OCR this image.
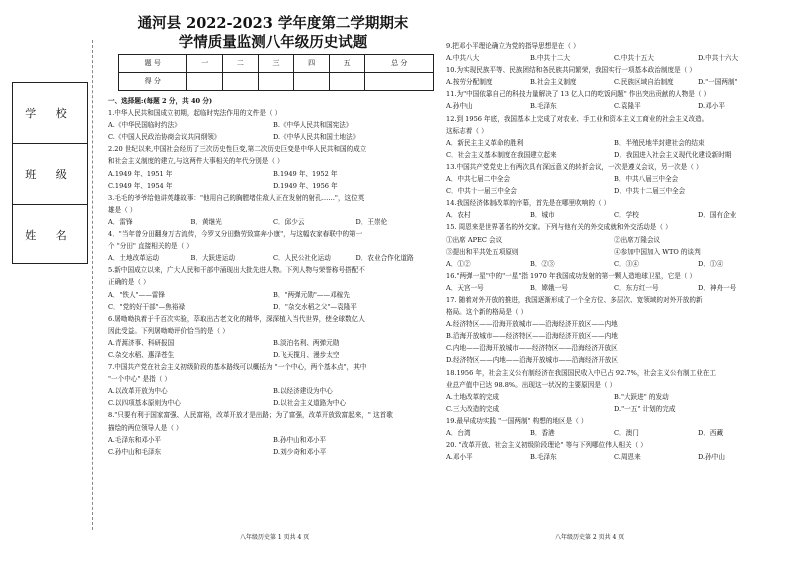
学 校
班 级
姓 名

通河县 2022-2023 学年度第二学期期末

学情质量监测八年级历史试题

题 号	一	二	三	四	五	总 分
得 分						

一、选择题:(每题 2 分，共 40 分)

1.中华人民共和国成立初期，起临时宪法作用的文件是（ ）

A.《中华民国临时约法》	B.《中华人民共和国宪法》

C.《中国人民政治协商会议共同纲领》	D.《中华人民共和国土地法》

2.20 世纪以来,中国社会经历了三次历史性巨变,第二次历史巨变是中华人民共和国的成立

和社会主义制度的建立,与这两件大事相关的年代分别是（ ）

A.1949 年、1951 年	B.1949 年、1952 年

C.1949 年、1954 年	D.1949 年、1956 年

3.毛毛的爷爷给他讲英雄故事："他用自己的胸膛堵住敌人正在发射的射孔……"，这位英

雄是（ ）

A．雷锋	B．黄继光	C．邱少云	D．王崇伦

4．"当年曾分田翻身万古流传，今罗又分田勤劳致富奔小康"，与这幅农家春联中的第一

个 "分田" 直接相关的是（ ）

A．土地改革运动	B．大跃进运动	C．人民公社化运动	D．农业合作化道路

5.新中国成立以来，广大人民和干部中涌现出大批先进人物。下列人物与荣誉称号搭配不

正确的是（ ）

A．"铁人"——雷锋	B．"两弹元勋"——邓稼先

C．"党的好干部"—焦裕禄	D．"杂交水稻之父"—袁隆平

6.屠呦呦执着于千百次实验，萃取出古老文化的精华，深深植入当代世界，使全球数亿人

因此受益。下列屠呦呦评价恰当的是（ ）

A.青蒿济事、科研报国	B.淡泊名利、两弹元勋

C.杂交水稻、惠泽苍生	D.飞天揽月、漫步太空

7.中国共产党在社会主义初级阶段的基本路线可以概括为 "一个中心，两个基本点"，其中

"一个中心" 是指（ ）

A.以改革开放为中心	B.以经济建设为中心

C.以四项基本原则为中心	D.以社会主义道路为中心

8."只要有利于国家富强、人民富裕，改革开放才是出路；为了富强，改革开放致富起来，" 这首歌

描绘的两位领导人是（ ）

A.毛泽东和邓小平	B.孙中山和邓小平

C.孙中山和毛泽东	D.刘少奇和邓小平

9.把邓小平理论确立为党的指导思想是在（ ）

A.中共八大	B.中共十二大	C.中共十五大	D.中共十六大

10.为实现民族平等、民族团结和各民族共同繁荣，我国实行一项基本政治制度是（ ）

A.按劳分配制度	B.社会主义制度	C.民族区域自治制度	D."一国两制"

11.为"中国依靠自己的科技力量解决了 13 亿人口的吃饭问题" 作出突出贡献的人物是（ ）

A.孙中山	B.毛泽东	C.袁隆平	D.邓小平

12.到 1956 年底，我国基本上完成了对农业、手工业和资本主义工商业的社会主义改造。

这标志着（ ）

A．新民主主义革命的胜利	B．半殖民地半封建社会的结束

C．社会主义基本制度在我国建立起来	D．我国进入社会主义现代化建设新时期

13.中国共产党党史上有两次具有深远意义的转折会议，一次是遵义会议，另一次是（ ）

A．中共七届二中全会	B．中共八届三中全会

C．中共十一届三中全会	D．中共十二届三中全会

14.我国经济体制改革的序幕，首先是在哪里吹响的（ ）

A．农村	B．城市	C．学校	D．国有企业

15. 周恩来是世界著名的外交家。下列与他有关的外交成就和外交活动是（ ）

①出席 APEC 会议	②出席万隆会议

③提出和平共处五项原则	④参加中国加入 WTO 的谈判

A．①②	B．②③	C．③④	D．①④

16."两弹一星"中的"一星"指 1970 年我国成功发射的第一颗人造地球卫星，它是（ ）

A．天宫一号	B．嫦娥一号	C．东方红一号	D．神舟一号

17. 随着对外开放的推进，我国逐渐形成了一个全方位、多层次、宽领域的对外开放的新

格局。这个新的格局是（ ）

A.经济特区——沿海开放城市——沿海经济开放区——内地

B.沿海开放城市——经济特区——沿海经济开放区——内地

C.内地——沿海开放城市——经济特区——沿海经济开放区

D.经济特区——内地——沿海开放城市——沿海经济开放区

18.1956 年，社会主义公有制经济在我国国民收入中已占 92.7%，社会主义公有制工业在工

业总产值中已达 98.8%。出现这一状况的主要原因是（ ）

A.土地改革的完成	B."大跃进" 的发动

C.三大改造的完成	D."一五" 计划的完成

19.最早成功实践 "一国两制" 构想的地区是（ ）

A．台湾	B．香港	C．澳门	D．西藏

20. "改革开放、社会主义初级阶段理论" 等与下列哪位伟人相关（ ）

A.邓小平	B.毛泽东	C.周恩来	D.孙中山

八年级历史第 1 页共 4 页	八年级历史第 2 页共 4 页
